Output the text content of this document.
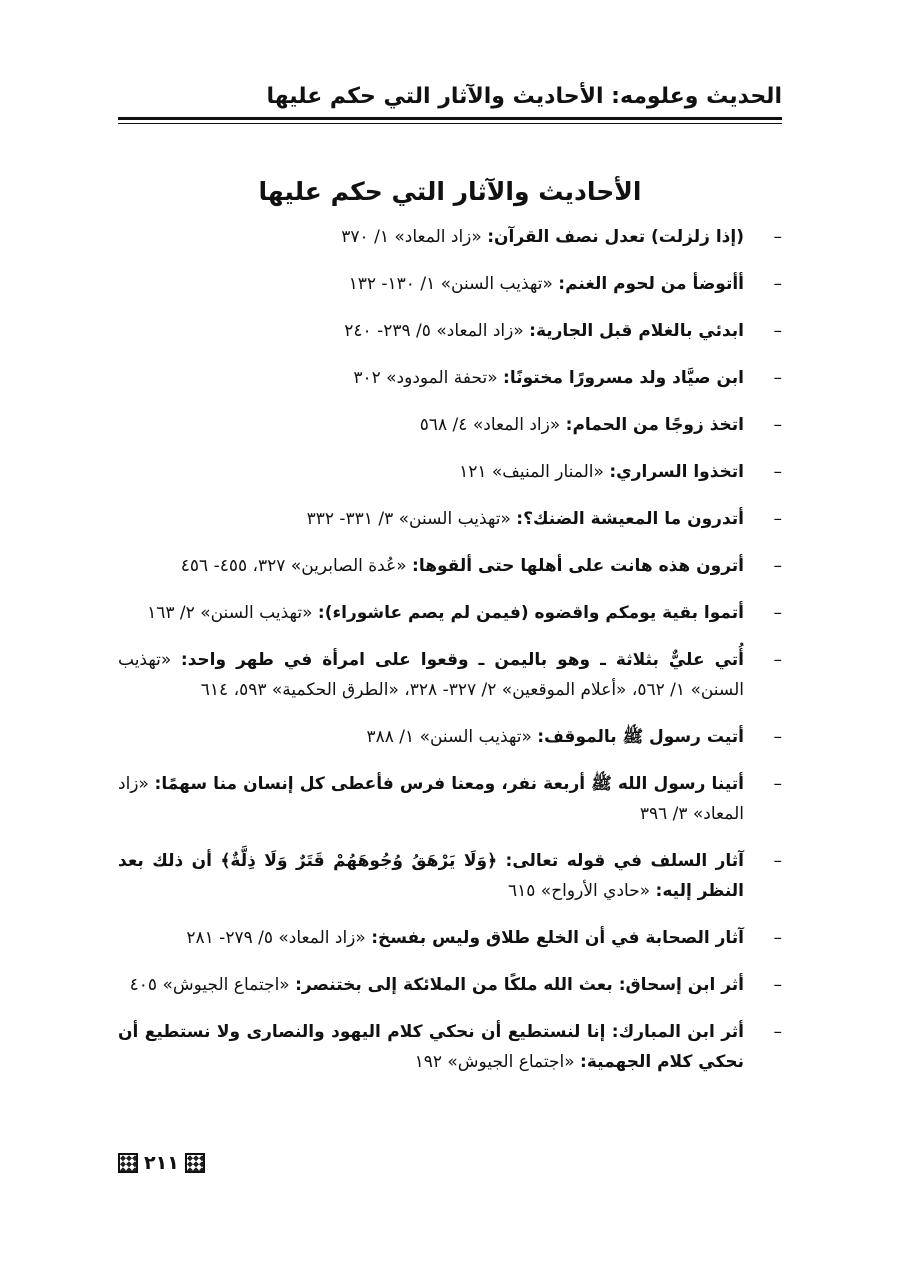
الحديث وعلومه: الأحاديث والآثار التي حكم عليها
الأحاديث والآثار التي حكم عليها
–
(إذا زلزلت) تعدل نصف القرآن: «زاد المعاد» ١/ ٣٧٠
–
أأتوضأ من لحوم الغنم: «تهذيب السنن» ١/ ١٣٠- ١٣٢
–
ابدئي بالغلام قبل الجارية: «زاد المعاد» ٥/ ٢٣٩- ٢٤٠
–
ابن صيَّاد ولد مسرورًا مختونًا: «تحفة المودود» ٣٠٢
–
اتخذ زوجًا من الحمام: «زاد المعاد» ٤/ ٥٦٨
–
اتخذوا السراري: «المنار المنيف» ١٢١
–
أتدرون ما المعيشة الضنك؟: «تهذيب السنن» ٣/ ٣٣١- ٣٣٢
–
أترون هذه هانت على أهلها حتى ألقوها: «عُدة الصابرين» ٣٢٧، ٤٥٥- ٤٥٦
–
أتموا بقية يومكم واقضوه (فيمن لم يصم عاشوراء): «تهذيب السنن» ٢/ ١٦٣
–
أُتي عليٌّ بثلاثة ـ وهو باليمن ـ وقعوا على امرأة في طهر واحد: «تهذيب السنن» ١/ ٥٦٢، «أعلام الموقعين» ٢/ ٣٢٧- ٣٢٨، «الطرق الحكمية» ٥٩٣، ٦١٤
–
أتيت رسول ﷺ بالموقف: «تهذيب السنن» ١/ ٣٨٨
–
أتينا رسول الله ﷺ أربعة نفر، ومعنا فرس فأعطى كل إنسان منا سهمًا: «زاد المعاد» ٣/ ٣٩٦
–
آثار السلف في قوله تعالى: ﴿وَلَا يَرْهَقُ وُجُوهَهُمْ قَتَرٌ وَلَا ذِلَّةٌ﴾ أن ذلك بعد النظر إليه: «حادي الأرواح» ٦١٥
–
آثار الصحابة في أن الخلع طلاق وليس بفسخ: «زاد المعاد» ٥/ ٢٧٩- ٢٨١
–
أثر ابن إسحاق: بعث الله ملكًا من الملائكة إلى بختنصر: «اجتماع الجيوش» ٤٠٥
–
أثر ابن المبارك: إنا لنستطيع أن نحكي كلام اليهود والنصارى ولا نستطيع أن نحكي كلام الجهمية: «اجتماع الجيوش» ١٩٢
٢١١
